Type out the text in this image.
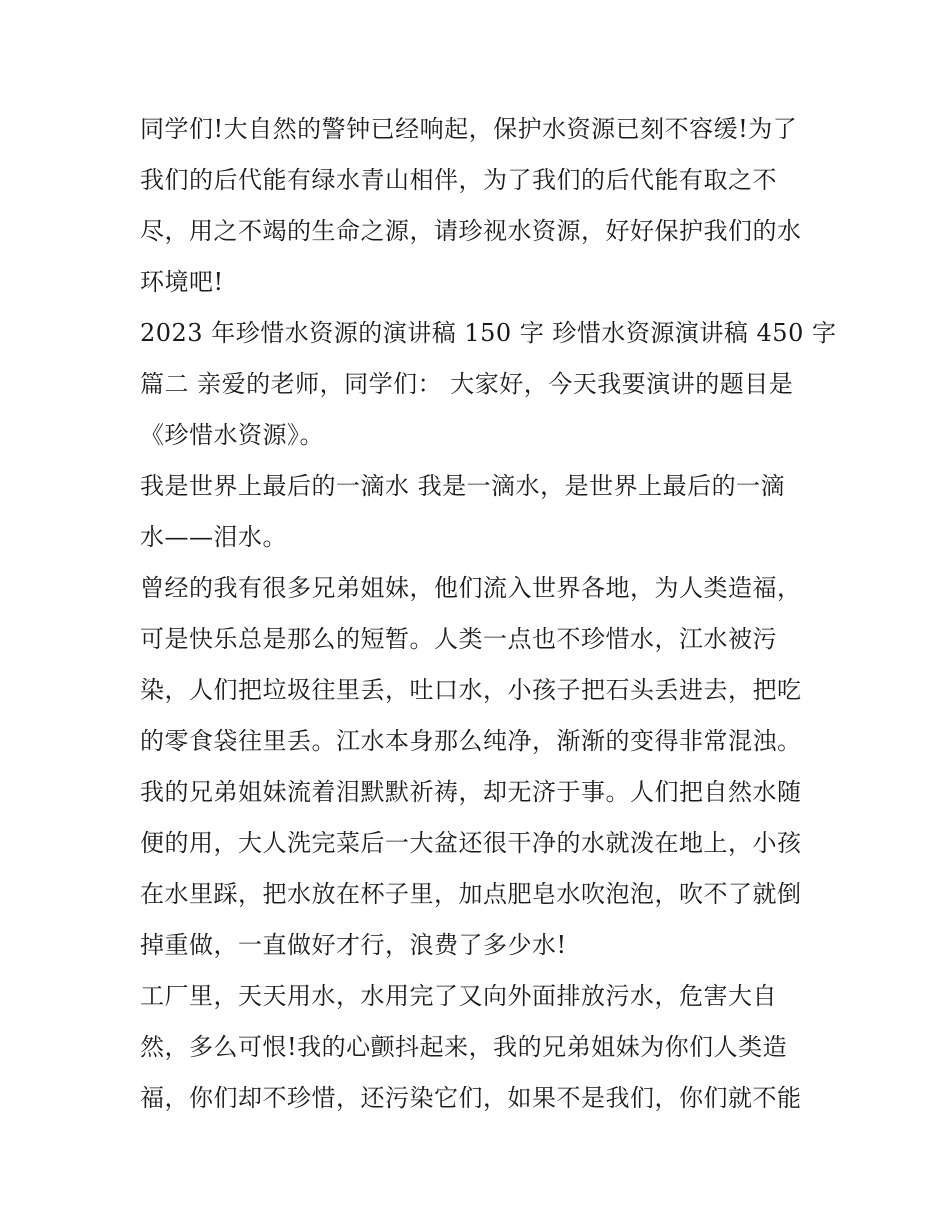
同学们!大自然的警钟已经响起，保护水资源已刻不容缓!为了
我们的后代能有绿水青山相伴，为了我们的后代能有取之不
尽，用之不竭的生命之源，请珍视水资源，好好保护我们的水
环境吧!
2023 年珍惜水资源的演讲稿 150 字 珍惜水资源演讲稿 450 字
篇二 亲爱的老师，同学们： 大家好，今天我要演讲的题目是
《珍惜水资源》。
我是世界上最后的一滴水 我是一滴水，是世界上最后的一滴
水——泪水。
曾经的我有很多兄弟姐妹，他们流入世界各地，为人类造福，
可是快乐总是那么的短暂。人类一点也不珍惜水，江水被污
染，人们把垃圾往里丢，吐口水，小孩子把石头丢进去，把吃
的零食袋往里丢。江水本身那么纯净，渐渐的变得非常混浊。
我的兄弟姐妹流着泪默默祈祷，却无济于事。人们把自然水随
便的用，大人洗完菜后一大盆还很干净的水就泼在地上，小孩
在水里踩，把水放在杯子里，加点肥皂水吹泡泡，吹不了就倒
掉重做，一直做好才行，浪费了多少水!
工厂里，天天用水，水用完了又向外面排放污水，危害大自
然，多么可恨!我的心颤抖起来，我的兄弟姐妹为你们人类造
福，你们却不珍惜，还污染它们，如果不是我们，你们就不能
